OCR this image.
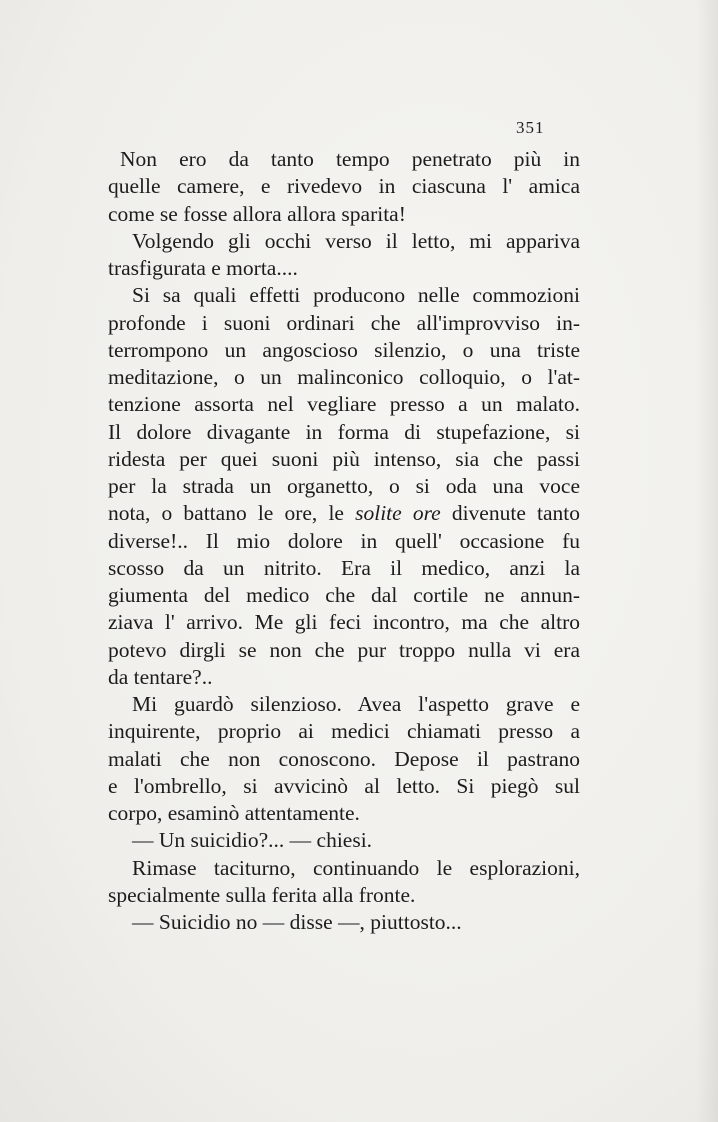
351
Non ero da tanto tempo penetrato più in
quelle camere, e rivedevo in ciascuna l' amica
come se fosse allora allora sparita!
Volgendo gli occhi verso il letto, mi appariva
trasfigurata e morta....
Si sa quali effetti producono nelle commozioni
profonde i suoni ordinari che all'improvviso in-
terrompono un angoscioso silenzio, o una triste
meditazione, o un malinconico colloquio, o l'at-
tenzione assorta nel vegliare presso a un malato.
Il dolore divagante in forma di stupefazione, si
ridesta per quei suoni più intenso, sia che passi
per la strada un organetto, o si oda una voce
nota, o battano le ore, le solite ore divenute tanto
diverse!.. Il mio dolore in quell' occasione fu
scosso da un nitrito. Era il medico, anzi la
giumenta del medico che dal cortile ne annun-
ziava l' arrivo. Me gli feci incontro, ma che altro
potevo dirgli se non che pur troppo nulla vi era
da tentare?..
Mi guardò silenzioso. Avea l'aspetto grave e
inquirente, proprio ai medici chiamati presso a
malati che non conoscono. Depose il pastrano
e l'ombrello, si avvicinò al letto. Si piegò sul
corpo, esaminò attentamente.
— Un suicidio?... — chiesi.
Rimase taciturno, continuando le esplorazioni,
specialmente sulla ferita alla fronte.
— Suicidio no — disse —, piuttosto...
